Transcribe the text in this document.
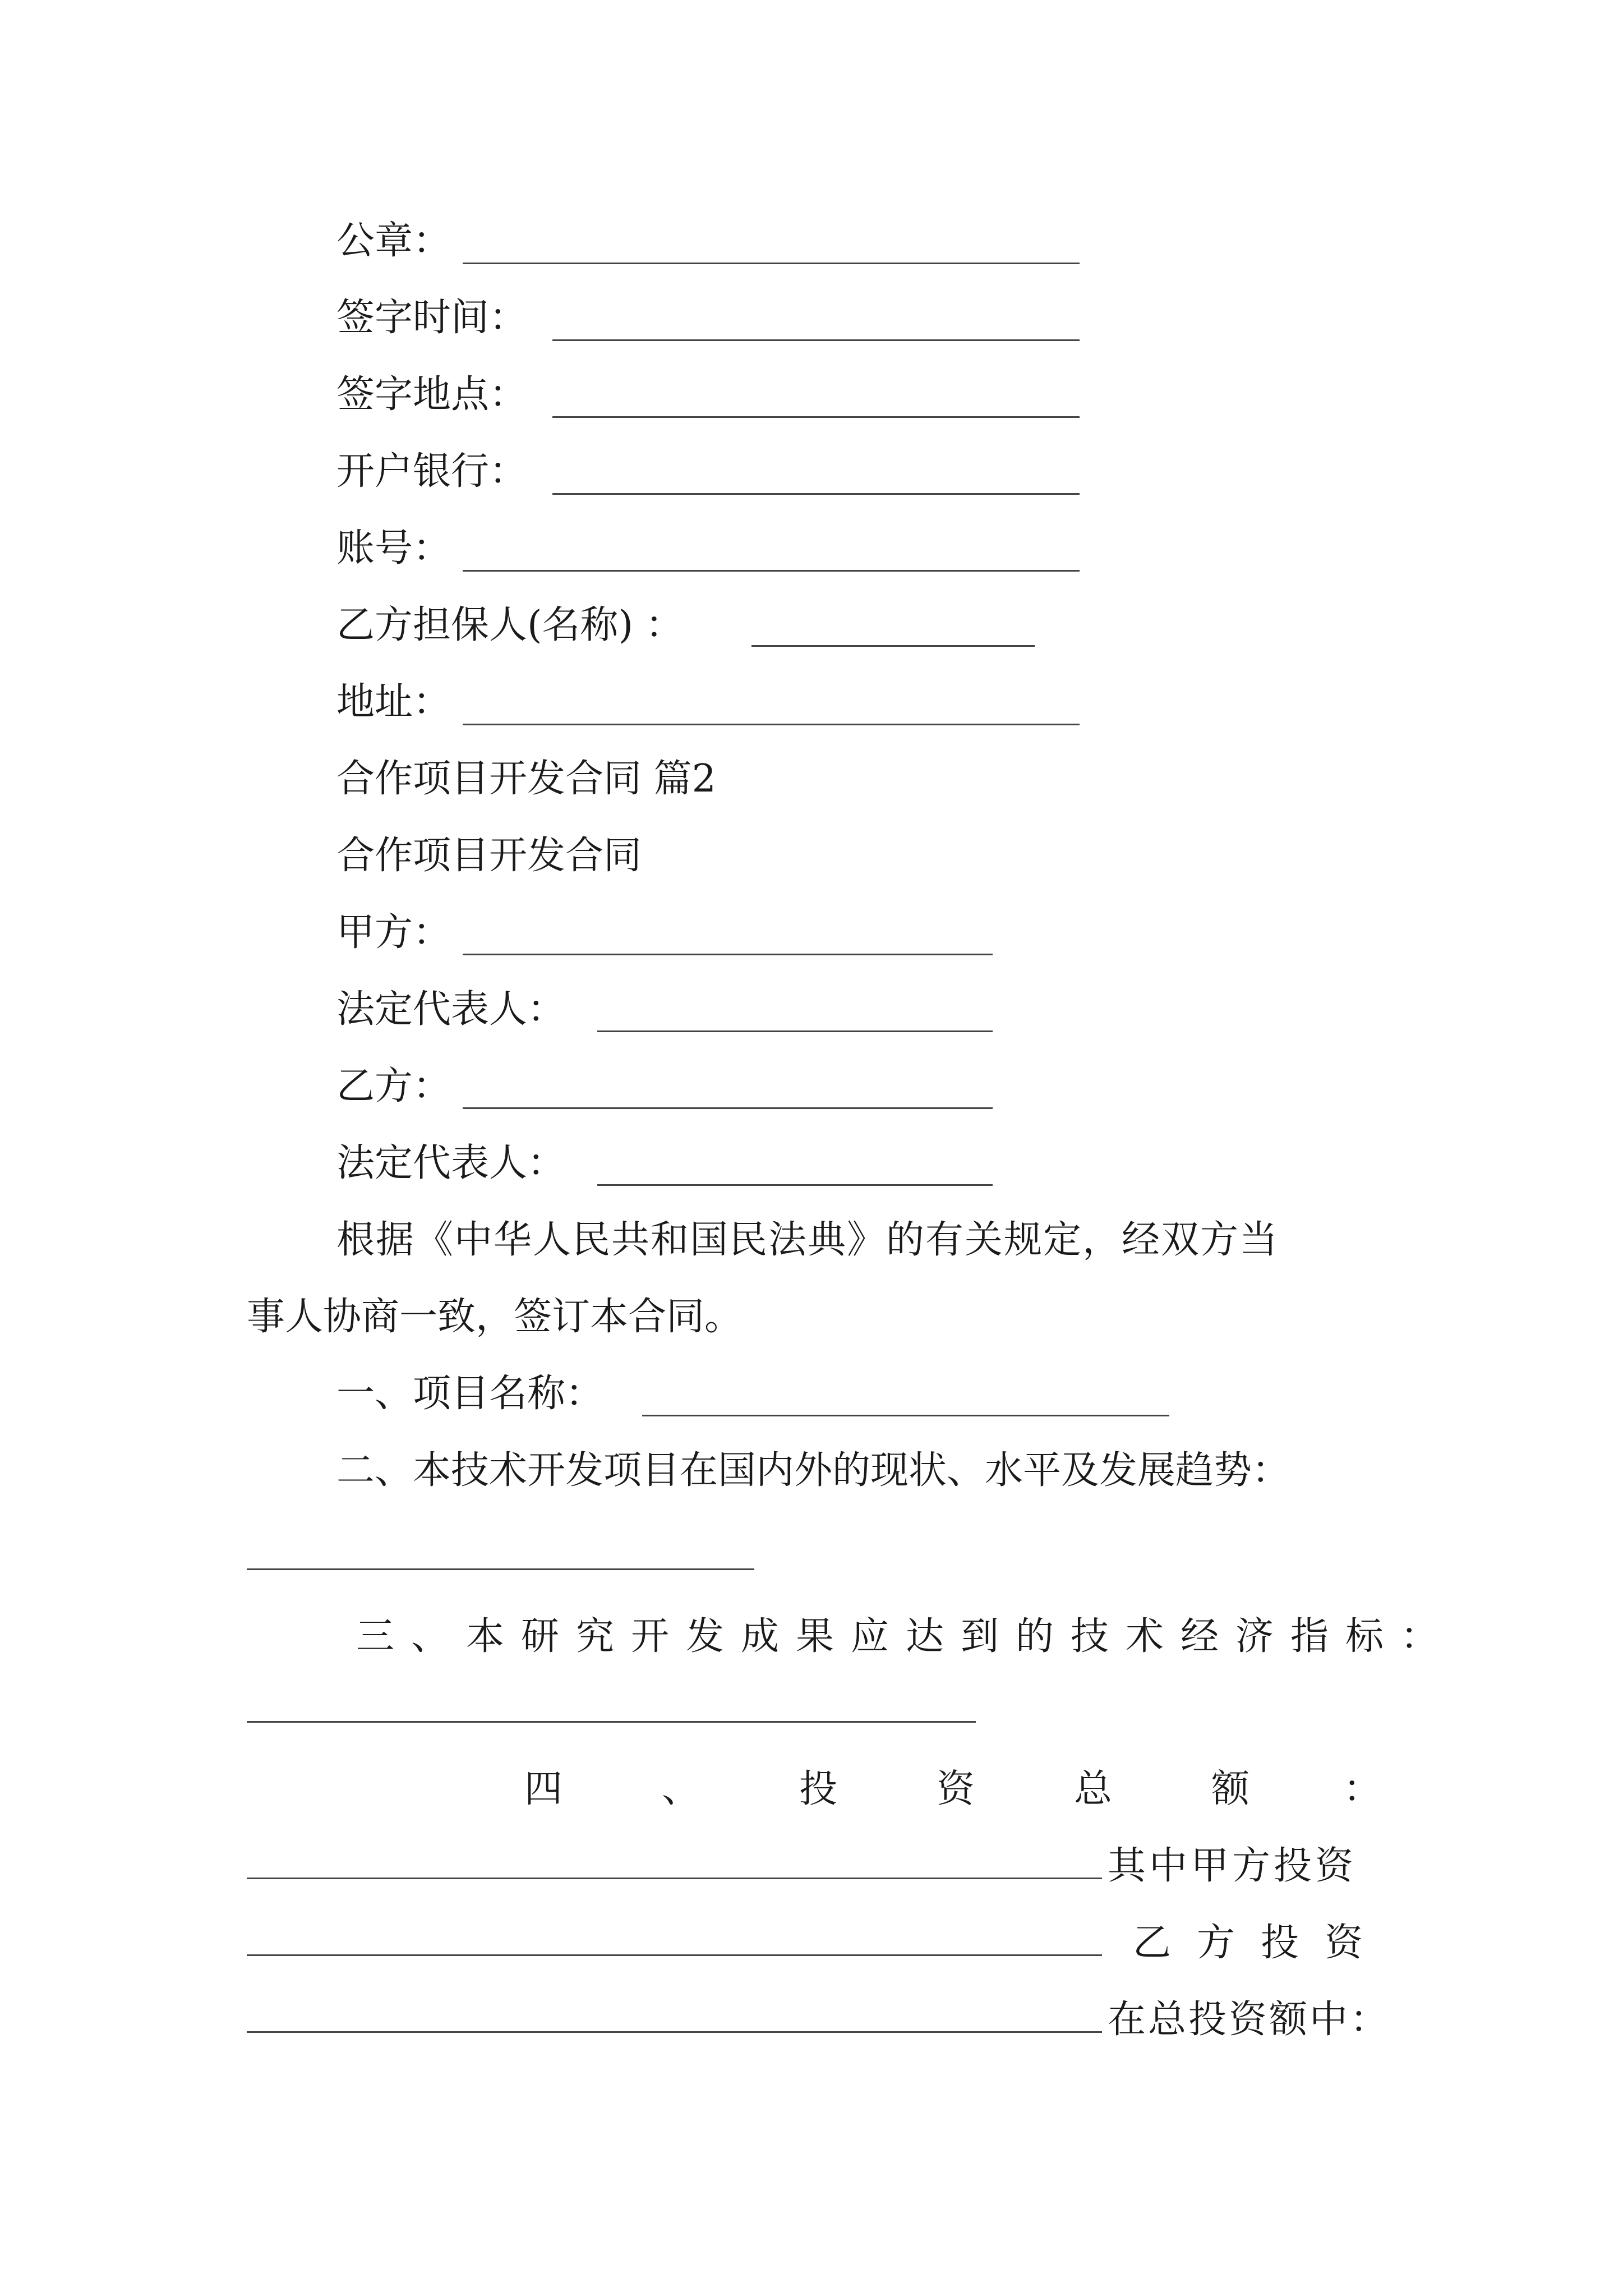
公章：
签字时间：
签字地点：
开户银行：
账号：
乙方担保人(名称) ：
地址：
合作项目开发合同 篇2
合作项目开发合同
甲方：
法定代表人：
乙方：
法定代表人：
根据《中华人民共和国民法典》的有关规定，经双方当
事人协商一致，签订本合同。
一、项目名称：
二、本技术开发项目在国内外的现状、水平及发展趋势：
三、本研究开发成果应达到的技术经济指标：
四	、	投	资	总	额 ：
其中甲方投资
乙方投资
在总投资额中：
